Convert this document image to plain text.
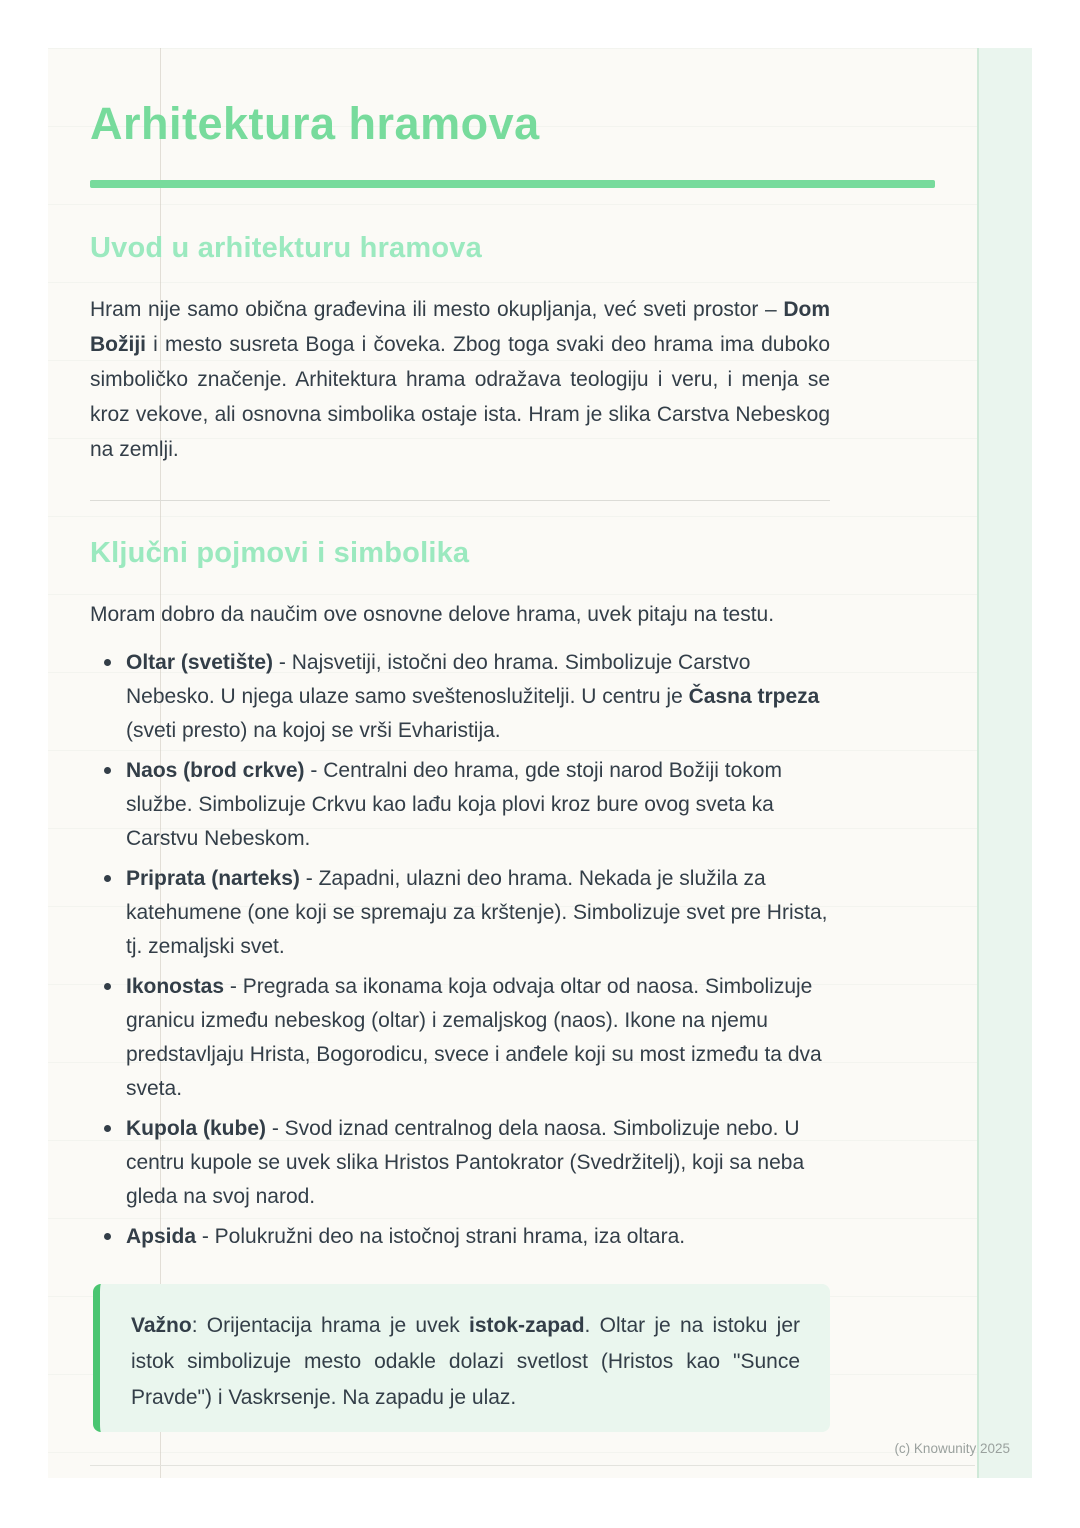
Arhitektura hramova
Uvod u arhitekturu hramova

Hram nije samo obična građevina ili mesto okupljanja, već sveti prostor – Dom Božiji i mesto susreta Boga i čoveka. Zbog toga svaki deo hrama ima duboko simboličko značenje. Arhitektura hrama odražava teologiju i veru, i menja se kroz vekove, ali osnovna simbolika ostaje ista. Hram je slika Carstva Nebeskog na zemlji.

Ključni pojmovi i simbolika

Moram dobro da naučim ove osnovne delove hrama, uvek pitaju na testu.

Oltar (svetište) - Najsvetiji, istočni deo hrama. Simbolizuje Carstvo Nebesko. U njega ulaze samo sveštenoslužitelji. U centru je Časna trpeza (sveti presto) na kojoj se vrši Evharistija.
Naos (brod crkve) - Centralni deo hrama, gde stoji narod Božiji tokom službe. Simbolizuje Crkvu kao lađu koja plovi kroz bure ovog sveta ka Carstvu Nebeskom.
Priprata (narteks) - Zapadni, ulazni deo hrama. Nekada je služila za katehumene (one koji se spremaju za krštenje). Simbolizuje svet pre Hrista, tj. zemaljski svet.
Ikonostas - Pregrada sa ikonama koja odvaja oltar od naosa. Simbolizuje granicu između nebeskog (oltar) i zemaljskog (naos). Ikone na njemu predstavljaju Hrista, Bogorodicu, svece i anđele koji su most između ta dva sveta.
Kupola (kube) - Svod iznad centralnog dela naosa. Simbolizuje nebo. U centru kupole se uvek slika Hristos Pantokrator (Svedržitelj), koji sa neba gleda na svoj narod.
Apsida - Polukružni deo na istočnoj strani hrama, iza oltara.

Važno: Orijentacija hrama je uvek istok-zapad. Oltar je na istoku jer istok simbolizuje mesto odakle dolazi svetlost (Hristos kao "Sunce Pravde") i Vaskrsenje. Na zapadu je ulaz.

(c) Knowunity 2025
